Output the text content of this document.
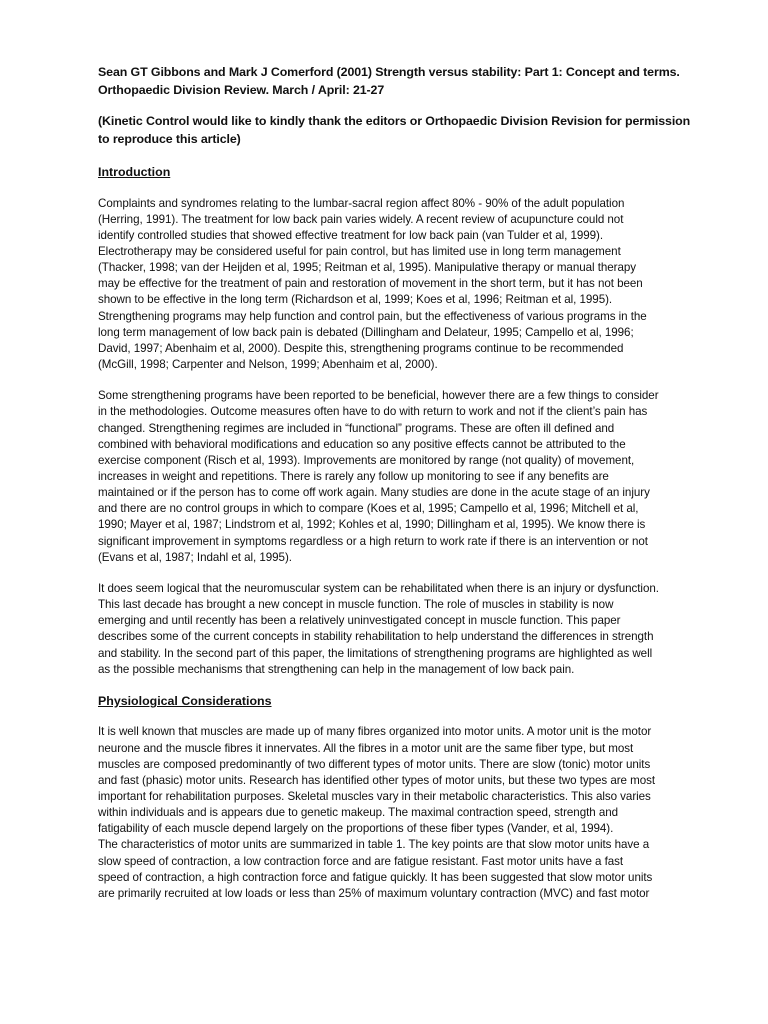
Sean GT Gibbons and Mark J Comerford (2001) Strength versus stability: Part 1: Concept and terms.
Orthopaedic Division Review. March / April: 21-27
(Kinetic Control would like to kindly thank the editors or Orthopaedic Division Revision for permission
to reproduce this article)
Introduction
Complaints and syndromes relating to the lumbar-sacral region affect 80% - 90% of the adult population
(Herring, 1991). The treatment for low back pain varies widely. A recent review of acupuncture could not
identify controlled studies that showed effective treatment for low back pain (van Tulder et al, 1999).
Electrotherapy may be considered useful for pain control, but has limited use in long term management
(Thacker, 1998; van der Heijden et al, 1995; Reitman et al, 1995). Manipulative therapy or manual therapy
may be effective for the treatment of pain and restoration of movement in the short term, but it has not been
shown to be effective in the long term (Richardson et al, 1999; Koes et al, 1996; Reitman et al, 1995).
Strengthening programs may help function and control pain, but the effectiveness of various programs in the
long term management of low back pain is debated (Dillingham and Delateur, 1995; Campello et al, 1996;
David, 1997; Abenhaim et al, 2000). Despite this, strengthening programs continue to be recommended
(McGill, 1998; Carpenter and Nelson, 1999; Abenhaim et al, 2000).
Some strengthening programs have been reported to be beneficial, however there are a few things to consider
in the methodologies. Outcome measures often have to do with return to work and not if the client’s pain has
changed. Strengthening regimes are included in “functional” programs. These are often ill defined and
combined with behavioral modifications and education so any positive effects cannot be attributed to the
exercise component (Risch et al, 1993). Improvements are monitored by range (not quality) of movement,
increases in weight and repetitions. There is rarely any follow up monitoring to see if any benefits are
maintained or if the person has to come off work again. Many studies are done in the acute stage of an injury
and there are no control groups in which to compare (Koes et al, 1995; Campello et al, 1996; Mitchell et al,
1990; Mayer et al, 1987; Lindstrom et al, 1992; Kohles et al, 1990; Dillingham et al, 1995). We know there is
significant improvement in symptoms regardless or a high return to work rate if there is an intervention or not
(Evans et al, 1987; Indahl et al, 1995).
It does seem logical that the neuromuscular system can be rehabilitated when there is an injury or dysfunction.
This last decade has brought a new concept in muscle function. The role of muscles in stability is now
emerging and until recently has been a relatively uninvestigated concept in muscle function. This paper
describes some of the current concepts in stability rehabilitation to help understand the differences in strength
and stability. In the second part of this paper, the limitations of strengthening programs are highlighted as well
as the possible mechanisms that strengthening can help in the management of low back pain.
Physiological Considerations
It is well known that muscles are made up of many fibres organized into motor units. A motor unit is the motor
neurone and the muscle fibres it innervates. All the fibres in a motor unit are the same fiber type, but most
muscles are composed predominantly of two different types of motor units. There are slow (tonic) motor units
and fast (phasic) motor units. Research has identified other types of motor units, but these two types are most
important for rehabilitation purposes. Skeletal muscles vary in their metabolic characteristics. This also varies
within individuals and is appears due to genetic makeup. The maximal contraction speed, strength and
fatigability of each muscle depend largely on the proportions of these fiber types (Vander, et al, 1994).
The characteristics of motor units are summarized in table 1. The key points are that slow motor units have a
slow speed of contraction, a low contraction force and are fatigue resistant. Fast motor units have a fast
speed of contraction, a high contraction force and fatigue quickly. It has been suggested that slow motor units
are primarily recruited at low loads or less than 25% of maximum voluntary contraction (MVC) and fast motor
